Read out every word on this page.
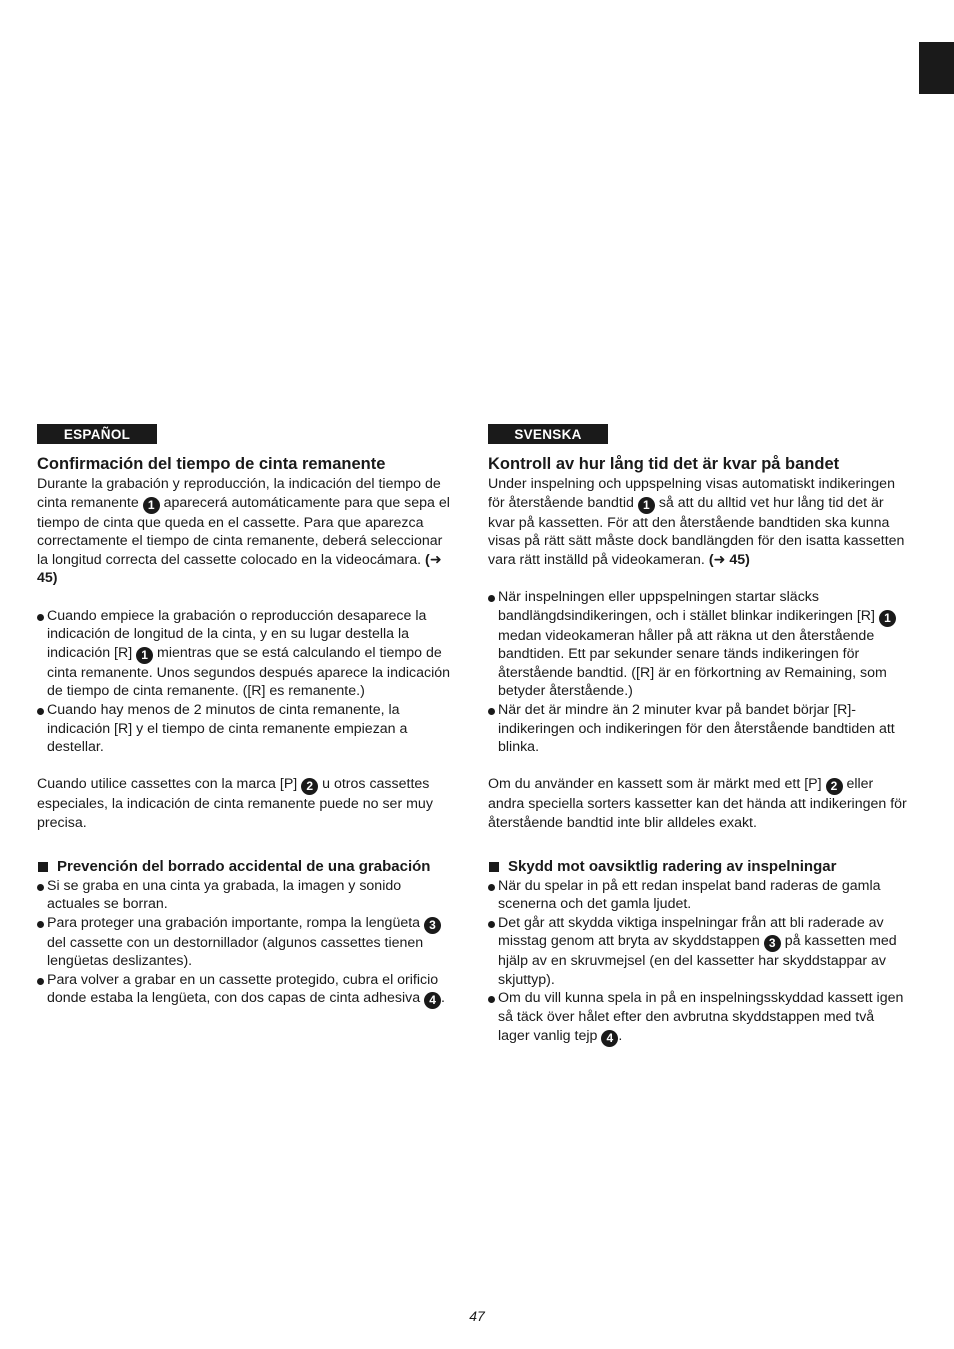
ESPAÑOL
Confirmación del tiempo de cinta remanente

Durante la grabación y reproducción, la indicación del tiempo de cinta remanente 1 aparecerá automáticamente para que sepa el tiempo de cinta que queda en el cassette. Para que aparezca correctamente el tiempo de cinta remanente, deberá seleccionar la longitud correcta del cassette colocado en la videocámara. (➜ 45)

Cuando empiece la grabación o reproducción desaparece la indicación de longitud de la cinta, y en su lugar destella la indicación [R] 1 mientras que se está calculando el tiempo de cinta remanente. Unos segundos después aparece la indicación de tiempo de cinta remanente. ([R] es remanente.)
Cuando hay menos de 2 minutos de cinta remanente, la indicación [R] y el tiempo de cinta remanente empiezan a destellar.

Cuando utilice cassettes con la marca [P] 2 u otros cassettes especiales, la indicación de cinta remanente puede no ser muy precisa.

Prevención del borrado accidental de una grabación
Si se graba en una cinta ya grabada, la imagen y sonido actuales se borran.
Para proteger una grabación importante, rompa la lengüeta 3 del cassette con un destornillador (algunos cassettes tienen lengüetas deslizantes).
Para volver a grabar en un cassette protegido, cubra el orificio donde estaba la lengüeta, con dos capas de cinta adhesiva 4 .
SVENSKA
Kontroll av hur lång tid det är kvar på bandet

Under inspelning och uppspelning visas automatiskt indikeringen för återstående bandtid 1 så att du alltid vet hur lång tid det är kvar på kassetten. För att den återstående bandtiden ska kunna visas på rätt sätt måste dock bandlängden för den isatta kassetten vara rätt inställd på videokameran. (➜ 45)

När inspelningen eller uppspelningen startar släcks bandlängdsindikeringen, och i stället blinkar indikeringen [R] 1 medan videokameran håller på att räkna ut den återstående bandtiden. Ett par sekunder senare tänds indikeringen för återstående bandtid. ([R] är en förkortning av Remaining, som betyder återstående.)
När det är mindre än 2 minuter kvar på bandet börjar [R]-indikeringen och indikeringen för den återstående bandtiden att blinka.

Om du använder en kassett som är märkt med ett [P] 2 eller andra speciella sorters kassetter kan det hända att indikeringen för återstående bandtid inte blir alldeles exakt.

Skydd mot oavsiktlig radering av inspelningar
När du spelar in på ett redan inspelat band raderas de gamla scenerna och det gamla ljudet.
Det går att skydda viktiga inspelningar från att bli raderade av misstag genom att bryta av skyddstappen 3 på kassetten med hjälp av en skruvmejsel (en del kassetter har skyddstappar av skjuttyp).
Om du vill kunna spela in på en inspelningsskyddad kassett igen så täck över hålet efter den avbrutna skyddstappen med två lager vanlig tejp 4 .
47
